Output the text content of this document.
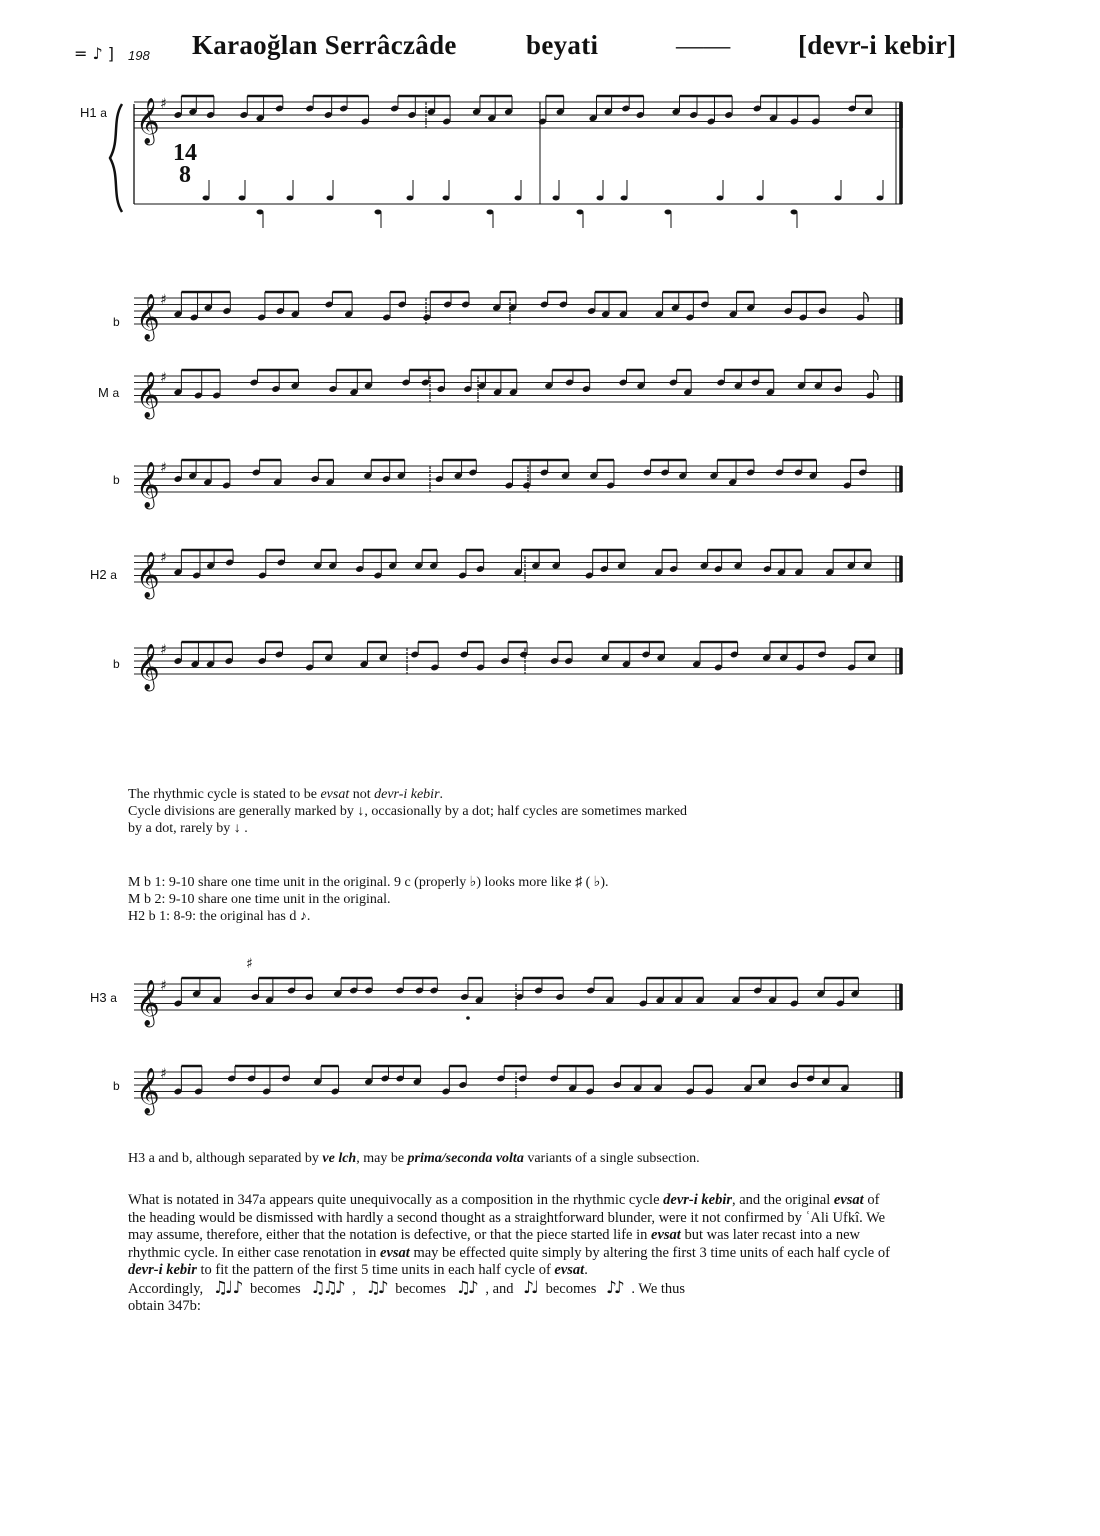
= ♪ ] 198 Karaoğlan Serrâczâde	beyati	—— [devr-i kebir]
H1 a
b
M a
b
H2 a
b
H3 a
b
14
8
𝄞 ♯
𝄞 ♯
𝄞 ♯
𝄞 ♯
𝄞 ♯
𝄞 ♯
𝄞 ♯
𝄞 ♯
♯
The rhythmic cycle is stated to be evsat not devr-i kebir.
Cycle divisions are generally marked by ↓, occasionally by a dot; half cycles are sometimes marked
by a dot, rarely by ↓ .
M b 1: 9-10 share one time unit in the original. 9 c (properly ♭) looks more like ♯ ( ♭).
M b 2: 9-10 share one time unit in the original.
H2 b 1: 8-9: the original has d ♪.
H3 a and b, although separated by ve lch, may be prima/seconda volta variants of a single subsection.

What is notated in 347a appears quite unequivocally as a composition in the rhythmic cycle devr-i kebir, and the original evsat of the heading would be dismissed with hardly a second thought as a straightforward blunder, were it not confirmed by ʿAli Ufkî. We may assume, therefore, either that the notation is defective, or that the piece started life in evsat but was later recast into a new rhythmic cycle. In either case renotation in evsat may be effected quite simply by altering the first 3 time units of each half cycle of devr-i kebir to fit the pattern of the first 5 time units in each half cycle of evsat.

Accordingly, ♫♩ ♪ becomes ♫♫♪ , ♫♪ becomes ♫♪ , and ♪♩ becomes ♪♪ . We thus

obtain 347b:
